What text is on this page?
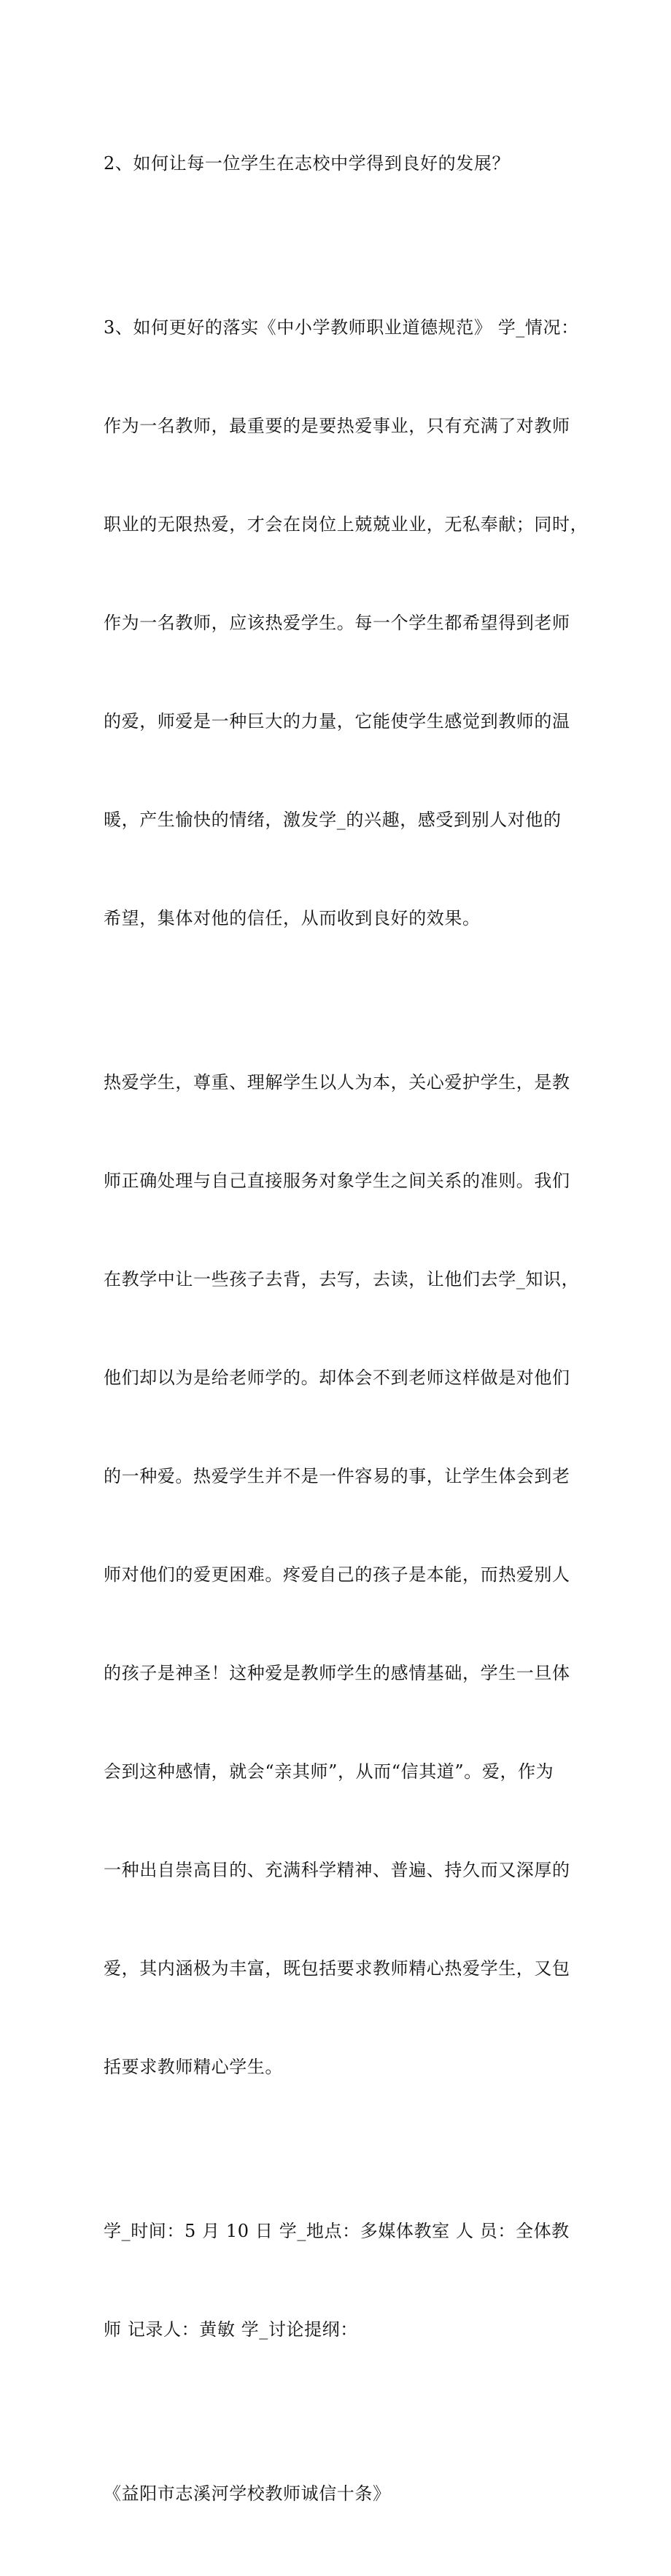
2、如何让每一位学生在志校中学得到良好的发展？

3、如何更好的落实《中小学教师职业道德规范》 学_情况：

作为一名教师，最重要的是要热爱事业，只有充满了对教师

职业的无限热爱，才会在岗位上兢兢业业，无私奉献；同时，

作为一名教师，应该热爱学生。每一个学生都希望得到老师

的爱，师爱是一种巨大的力量，它能使学生感觉到教师的温

暖，产生愉快的情绪，激发学_的兴趣，感受到别人对他的

希望，集体对他的信任，从而收到良好的效果。

热爱学生，尊重、理解学生以人为本，关心爱护学生，是教

师正确处理与自己直接服务对象学生之间关系的准则。我们

在教学中让一些孩子去背，去写，去读，让他们去学_知识，

他们却以为是给老师学的。却体会不到老师这样做是对他们

的一种爱。热爱学生并不是一件容易的事，让学生体会到老

师对他们的爱更困难。疼爱自己的孩子是本能，而热爱别人

的孩子是神圣！这种爱是教师学生的感情基础，学生一旦体

会到这种感情，就会“亲其师”，从而“信其道”。爱，作为

一种出自崇高目的、充满科学精神、普遍、持久而又深厚的

爱，其内涵极为丰富，既包括要求教师精心热爱学生，又包

括要求教师精心学生。

学_时间：5 月 10 日 学_地点：多媒体教室 人 员：全体教

师 记录人：黄敏 学_讨论提纲：

《益阳市志溪河学校教师诚信十条》
